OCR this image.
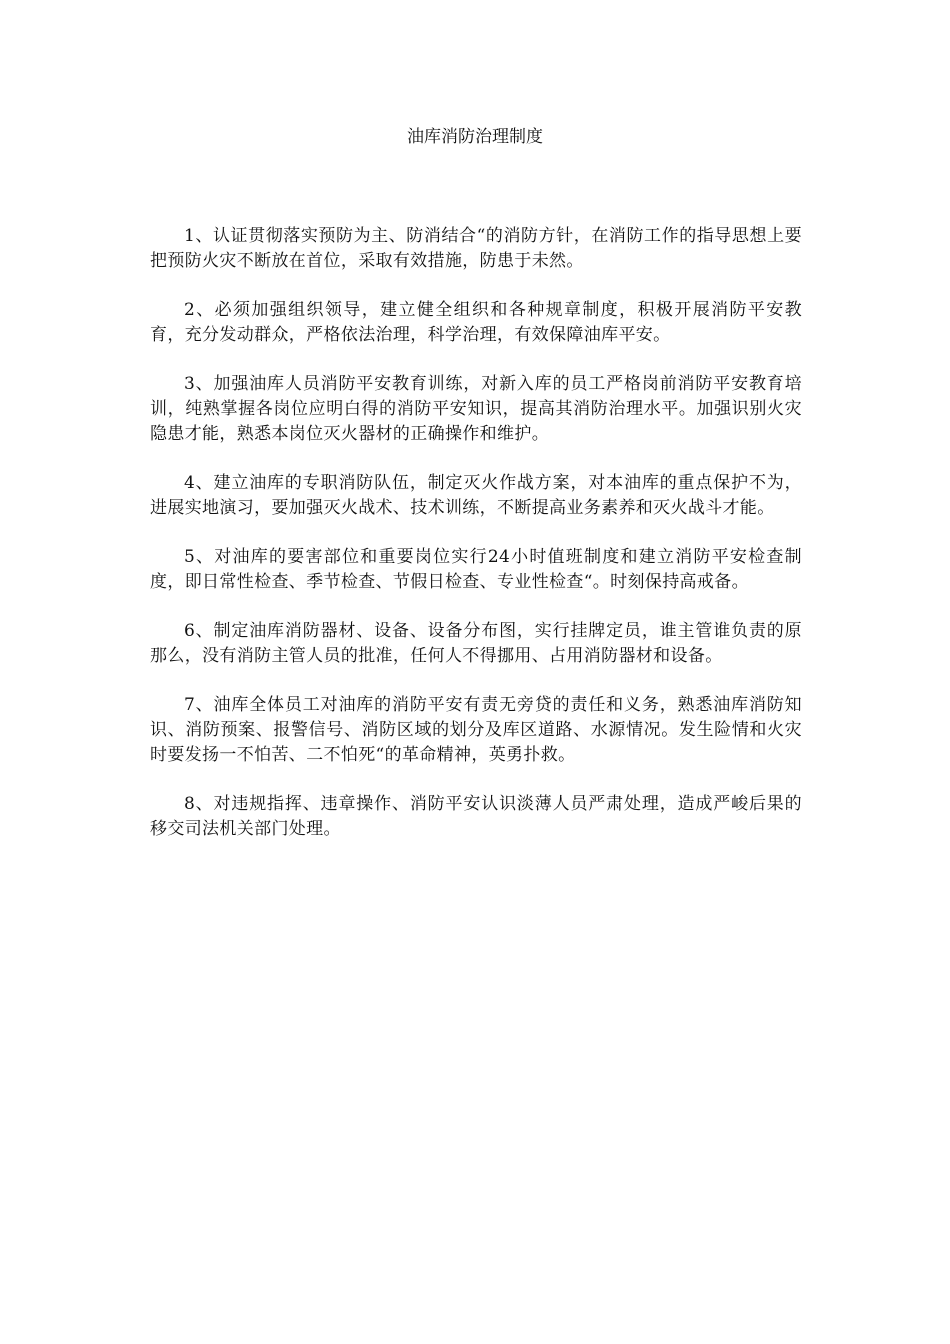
油库消防治理制度

1、认证贯彻落实预防为主、防消结合“的消防方针，在消防工作的指导思想上要把预防火灾不断放在首位，采取有效措施，防患于未然。

2、必须加强组织领导，建立健全组织和各种规章制度，积极开展消防平安教育，充分发动群众，严格依法治理，科学治理，有效保障油库平安。

3、加强油库人员消防平安教育训练，对新入库的员工严格岗前消防平安教育培训，纯熟掌握各岗位应明白得的消防平安知识，提高其消防治理水平。加强识别火灾隐患才能，熟悉本岗位灭火器材的正确操作和维护。

4、建立油库的专职消防队伍，制定灭火作战方案，对本油库的重点保护不为，进展实地演习，要加强灭火战术、技术训练，不断提高业务素养和灭火战斗才能。

5、对油库的要害部位和重要岗位实行24小时值班制度和建立消防平安检查制度，即日常性检查、季节检查、节假日检查、专业性检查“。时刻保持高戒备。

6、制定油库消防器材、设备、设备分布图，实行挂牌定员，谁主管谁负责的原那么，没有消防主管人员的批准，任何人不得挪用、占用消防器材和设备。

7、油库全体员工对油库的消防平安有责无旁贷的责任和义务，熟悉油库消防知识、消防预案、报警信号、消防区域的划分及库区道路、水源情况。发生险情和火灾时要发扬一不怕苦、二不怕死“的革命精神，英勇扑救。

8、对违规指挥、违章操作、消防平安认识淡薄人员严肃处理，造成严峻后果的移交司法机关部门处理。
